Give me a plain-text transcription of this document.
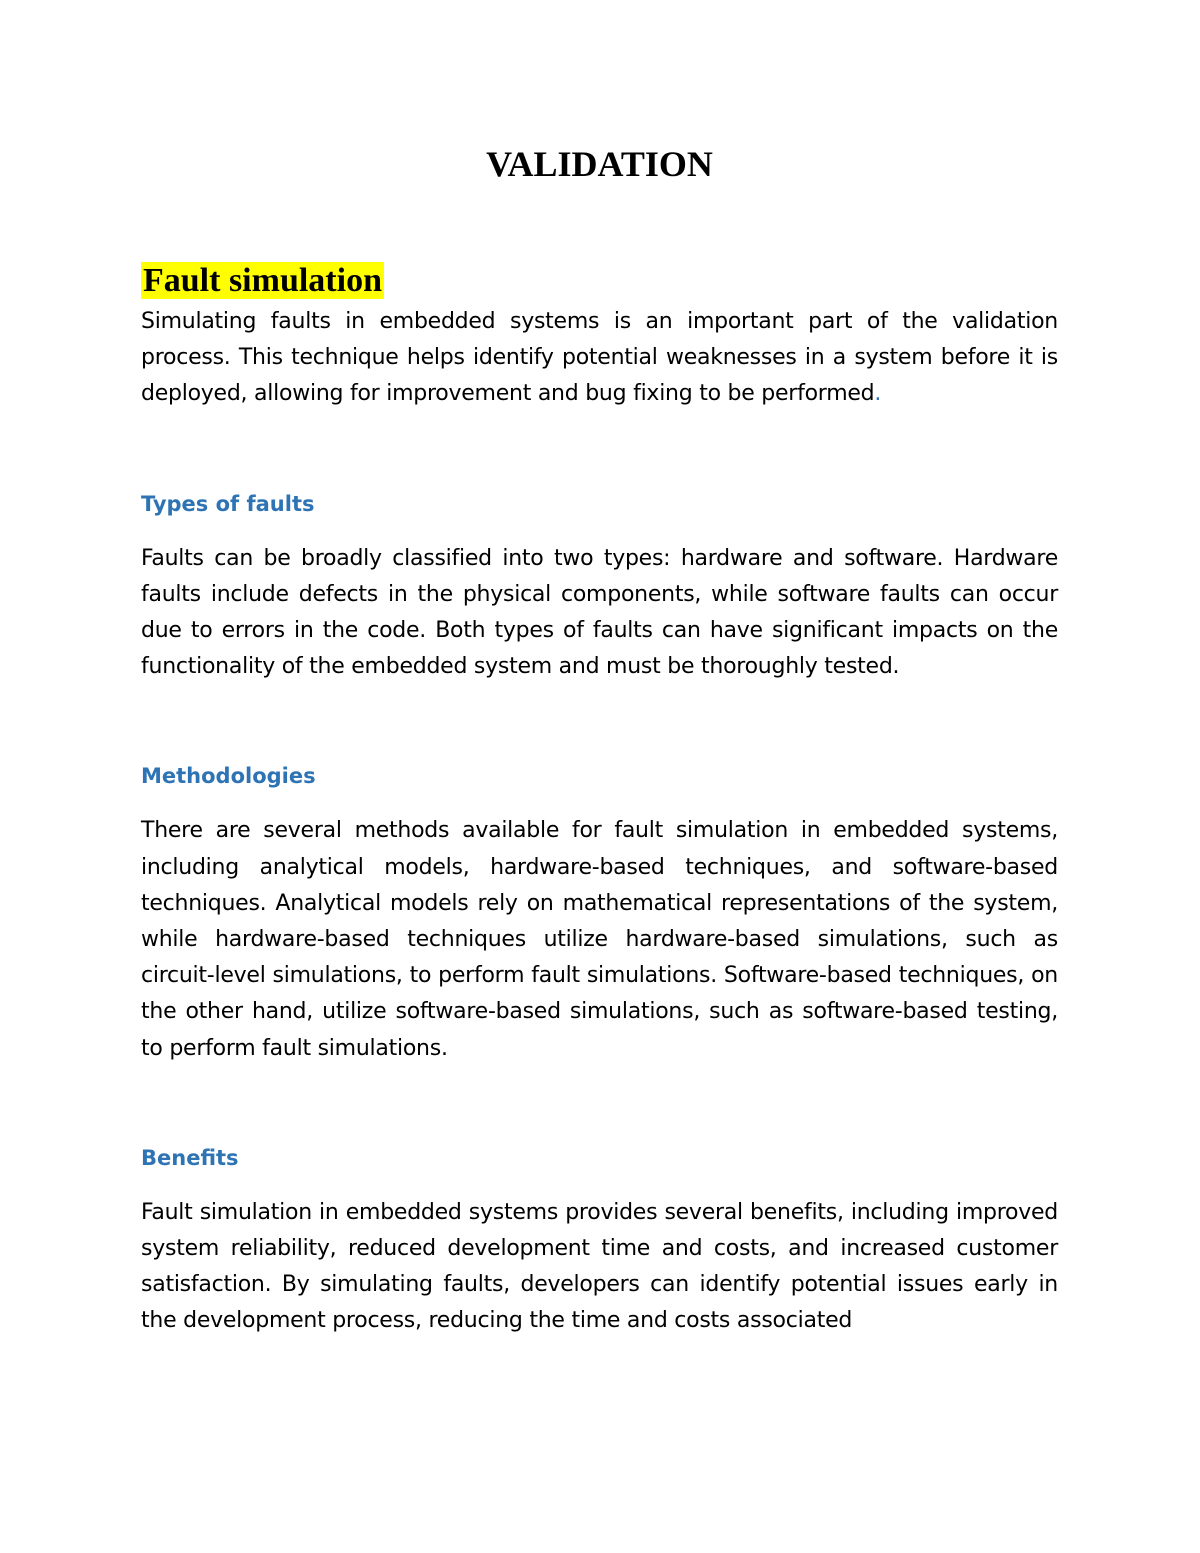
VALIDATION
Fault simulation

Simulating faults in embedded systems is an important part of the validation process. This technique helps identify potential weaknesses in a system before it is deployed, allowing for improvement and bug fixing to be performed.

Types of faults

Faults can be broadly classified into two types: hardware and software. Hardware faults include defects in the physical components, while software faults can occur due to errors in the code. Both types of faults can have significant impacts on the functionality of the embedded system and must be thoroughly tested.

Methodologies

There are several methods available for fault simulation in embedded systems, including analytical models, hardware-based techniques, and software-based techniques. Analytical models rely on mathematical representations of the system, while hardware-based techniques utilize hardware-based simulations, such as circuit-level simulations, to perform fault simulations. Software-based techniques, on the other hand, utilize software-based simulations, such as software-based testing, to perform fault simulations.

Benefits

Fault simulation in embedded systems provides several benefits, including improved system reliability, reduced development time and costs, and increased customer satisfaction. By simulating faults, developers can identify potential issues early in the development process, reducing the time and costs associated
